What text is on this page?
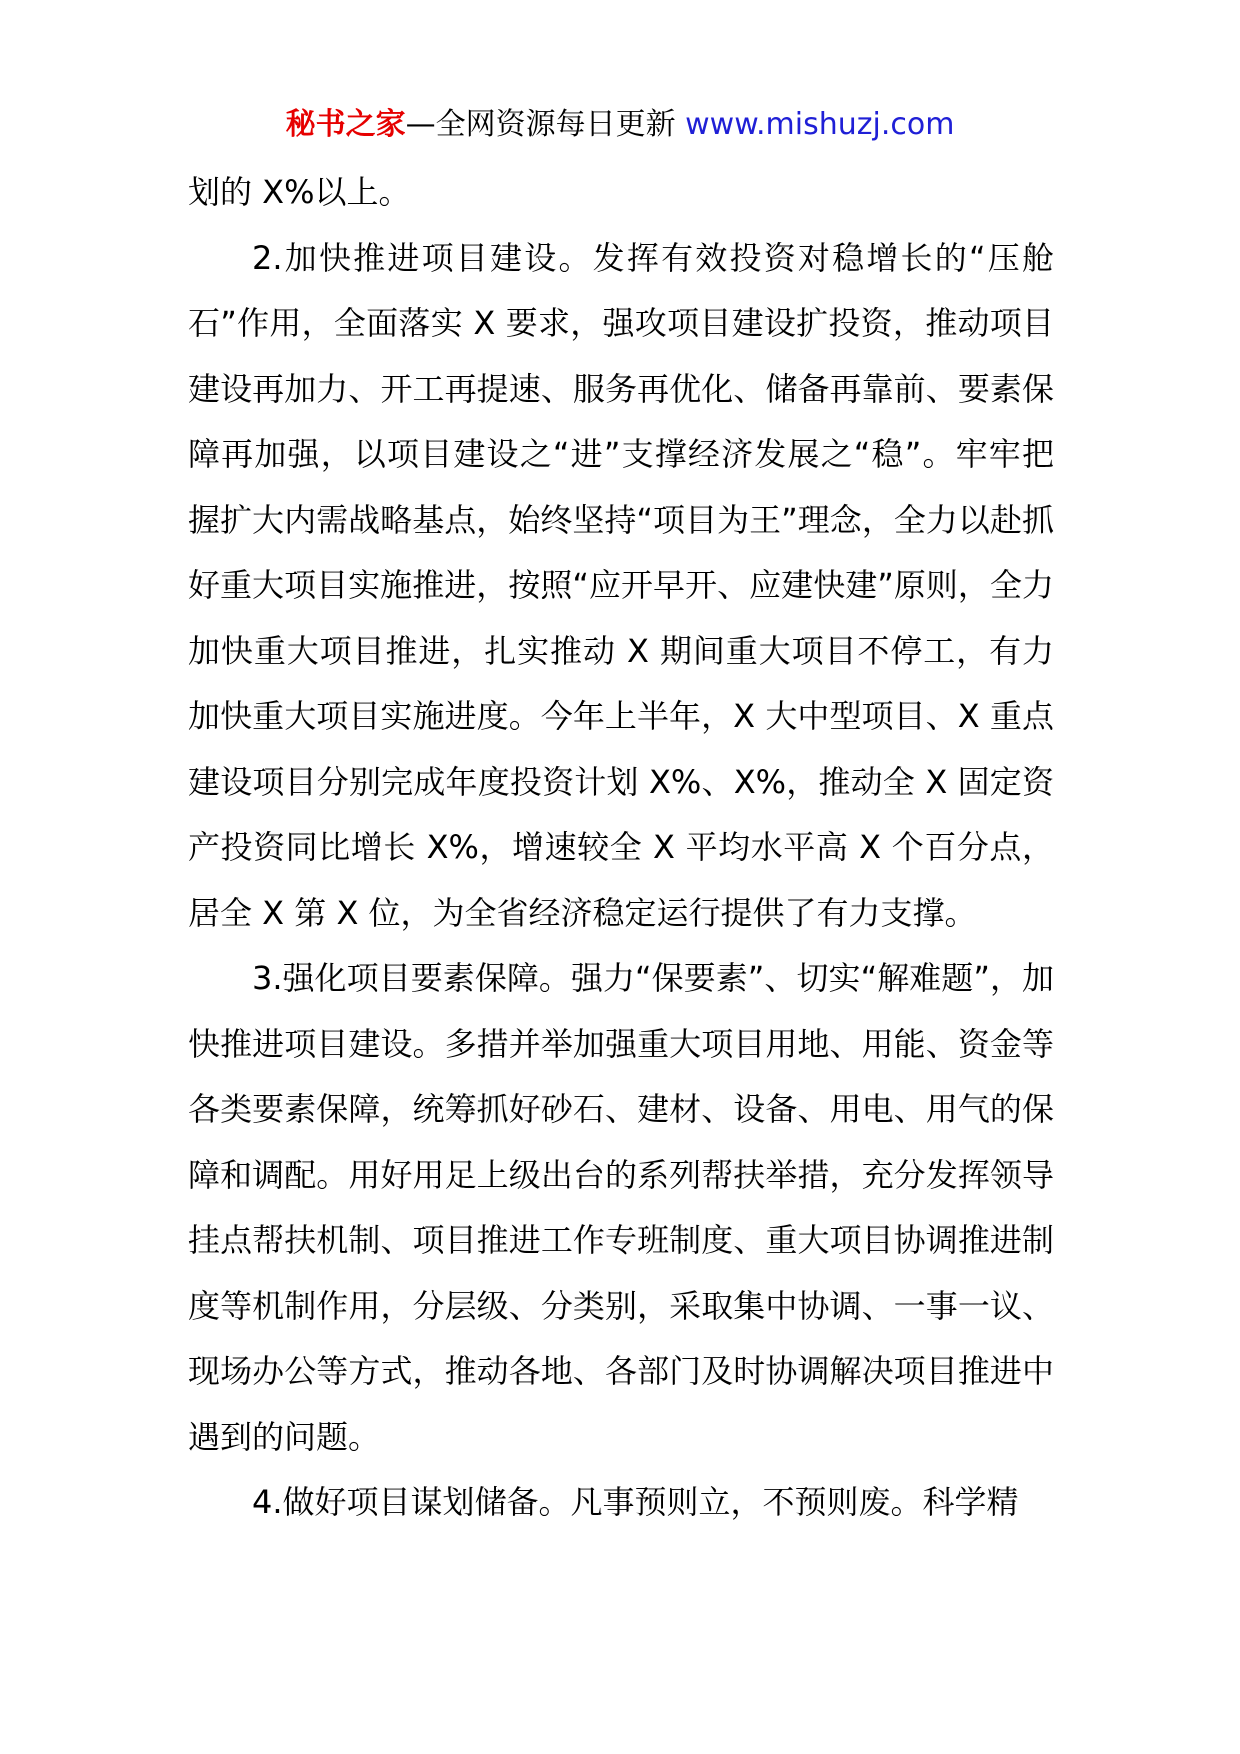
秘书之家—全网资源每日更新 www.mishuzj.com

划的 X%以上。

2.加快推进项目建设。发挥有效投资对稳增长的“压舱石”作用，全面落实 X 要求，强攻项目建设扩投资，推动项目建设再加力、开工再提速、服务再优化、储备再靠前、要素保障再加强，以项目建设之“进”支撑经济发展之“稳”。牢牢把握扩大内需战略基点，始终坚持“项目为王”理念，全力以赴抓好重大项目实施推进，按照“应开早开、应建快建”原则，全力加快重大项目推进，扎实推动 X 期间重大项目不停工，有力加快重大项目实施进度。今年上半年，X 大中型项目、X 重点建设项目分别完成年度投资计划 X%、X%，推动全 X 固定资产投资同比增长 X%，增速较全 X 平均水平高 X 个百分点，居全 X 第 X 位，为全省经济稳定运行提供了有力支撑。

3.强化项目要素保障。强力“保要素”、切实“解难题”，加快推进项目建设。多措并举加强重大项目用地、用能、资金等各类要素保障，统筹抓好砂石、建材、设备、用电、用气的保障和调配。用好用足上级出台的系列帮扶举措，充分发挥领导挂点帮扶机制、项目推进工作专班制度、重大项目协调推进制度等机制作用，分层级、分类别，采取集中协调、一事一议、现场办公等方式，推动各地、各部门及时协调解决项目推进中遇到的问题。

4.做好项目谋划储备。凡事预则立，不预则废。科学精
